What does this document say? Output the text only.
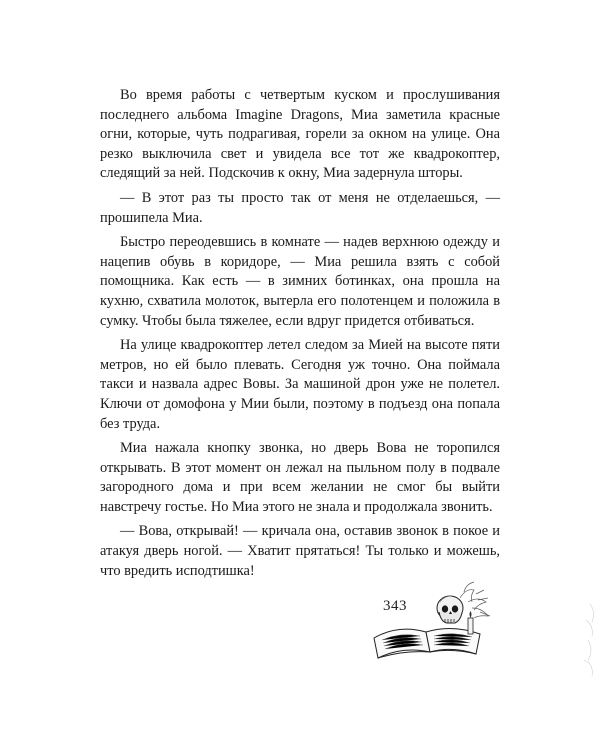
Во время работы с четвертым куском и прослушивания последнего альбома Imagine Dragons, Миа заметила красные огни, которые, чуть подрагивая, горели за окном на улице. Она резко выключила свет и увидела все тот же квадрокоптер, следящий за ней. Подскочив к окну, Миа задернула шторы.

— В этот раз ты просто так от меня не отделаешься, — прошипела Миа.

Быстро переодевшись в комнате — надев верхнюю одежду и нацепив обувь в коридоре, — Миа решила взять с собой помощника. Как есть — в зимних ботинках, она прошла на кухню, схватила молоток, вытерла его полотенцем и положила в сумку. Чтобы была тяжелее, если вдруг придется отбиваться.

На улице квадрокоптер летел следом за Мией на высоте пяти метров, но ей было плевать. Сегодня уж точно. Она поймала такси и назвала адрес Вовы. За машиной дрон уже не полетел. Ключи от домофона у Мии были, поэтому в подъезд она попала без труда.

Миа нажала кнопку звонка, но дверь Вова не торопился открывать. В этот момент он лежал на пыльном полу в подвале загородного дома и при всем желании не смог бы выйти навстречу гостье. Но Миа этого не знала и продолжала звонить.

— Вова, открывай! — кричала она, оставив звонок в покое и атакуя дверь ногой. — Хватит прятаться! Ты только и можешь, что вредить исподтишка!

343
